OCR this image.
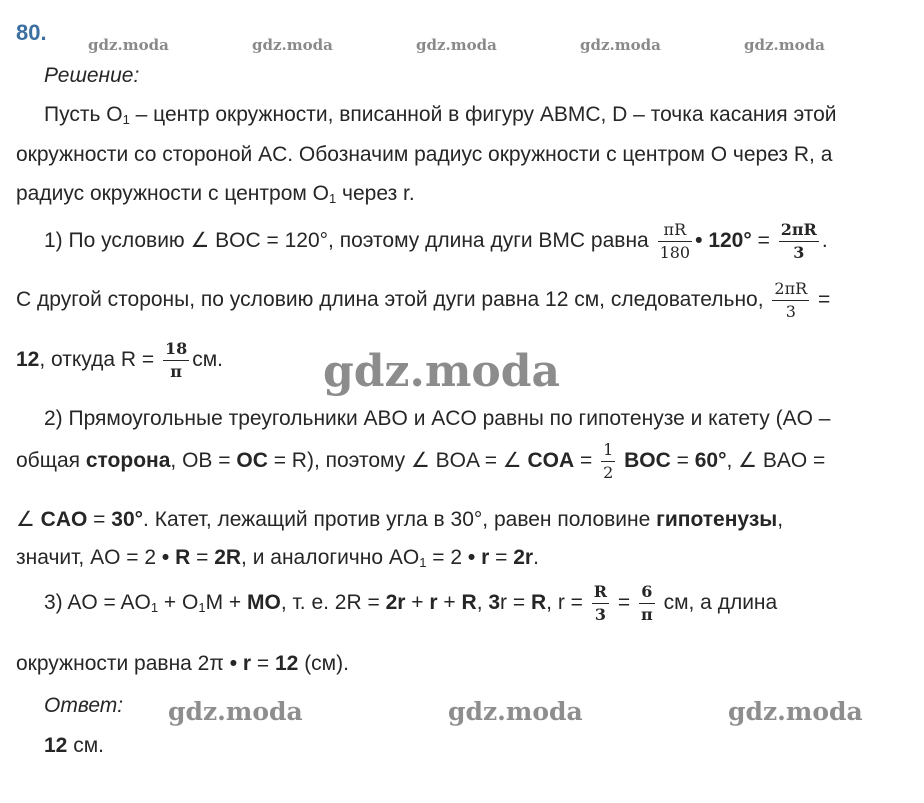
80.	gdz.moda	gdz.moda	gdz.moda	gdz.moda	gdz.moda
Решение:
Пусть $O_1$ – центр окружности, вписанной в фигуру ABMC, D – точка касания этой
окружности со стороной AC. Обозначим радиус окружности с центром O через R, а
радиус окружности с центром $O_1$ через r.
1) По условию ∠ BOC = 120°, поэтому длина дуги BMC равна $\frac{\pi R}{180}$ • $120^\circ = \frac{2\pi R}{3}$ .
С другой стороны, по условию длина этой дуги равна 12 см, следовательно, $\frac{2\pi R}{3}$ =
12, откуда $R = \frac{18}{\pi}$ см. gdz.moda
2) Прямоугольные треугольники ABO и ACO равны по гипотенузе и катету (AO –
общая сторона, OB = OC = R), поэтому ∠ BOA = ∠ COA = $\frac{1}{2}$ BOC = 60°, ∠ BAO =
∠ CAO = 30°. Катет, лежащий против угла в 30°, равен половине гипотенузы,
значит, AO = 2 • R = 2R, и аналогично $AO_1 = 2$ • r = 2r.
3) AO = $AO_1 + O_1M$ + MO, т. е. 2R = 2r + r + R, 3r = R, $r = \frac{R}{3} = \frac{6}{\pi}$ см, а длина
окружности равна 2π • r = 12 (см).
Ответ: gdz.moda	gdz.moda	gdz.moda
12 см.
